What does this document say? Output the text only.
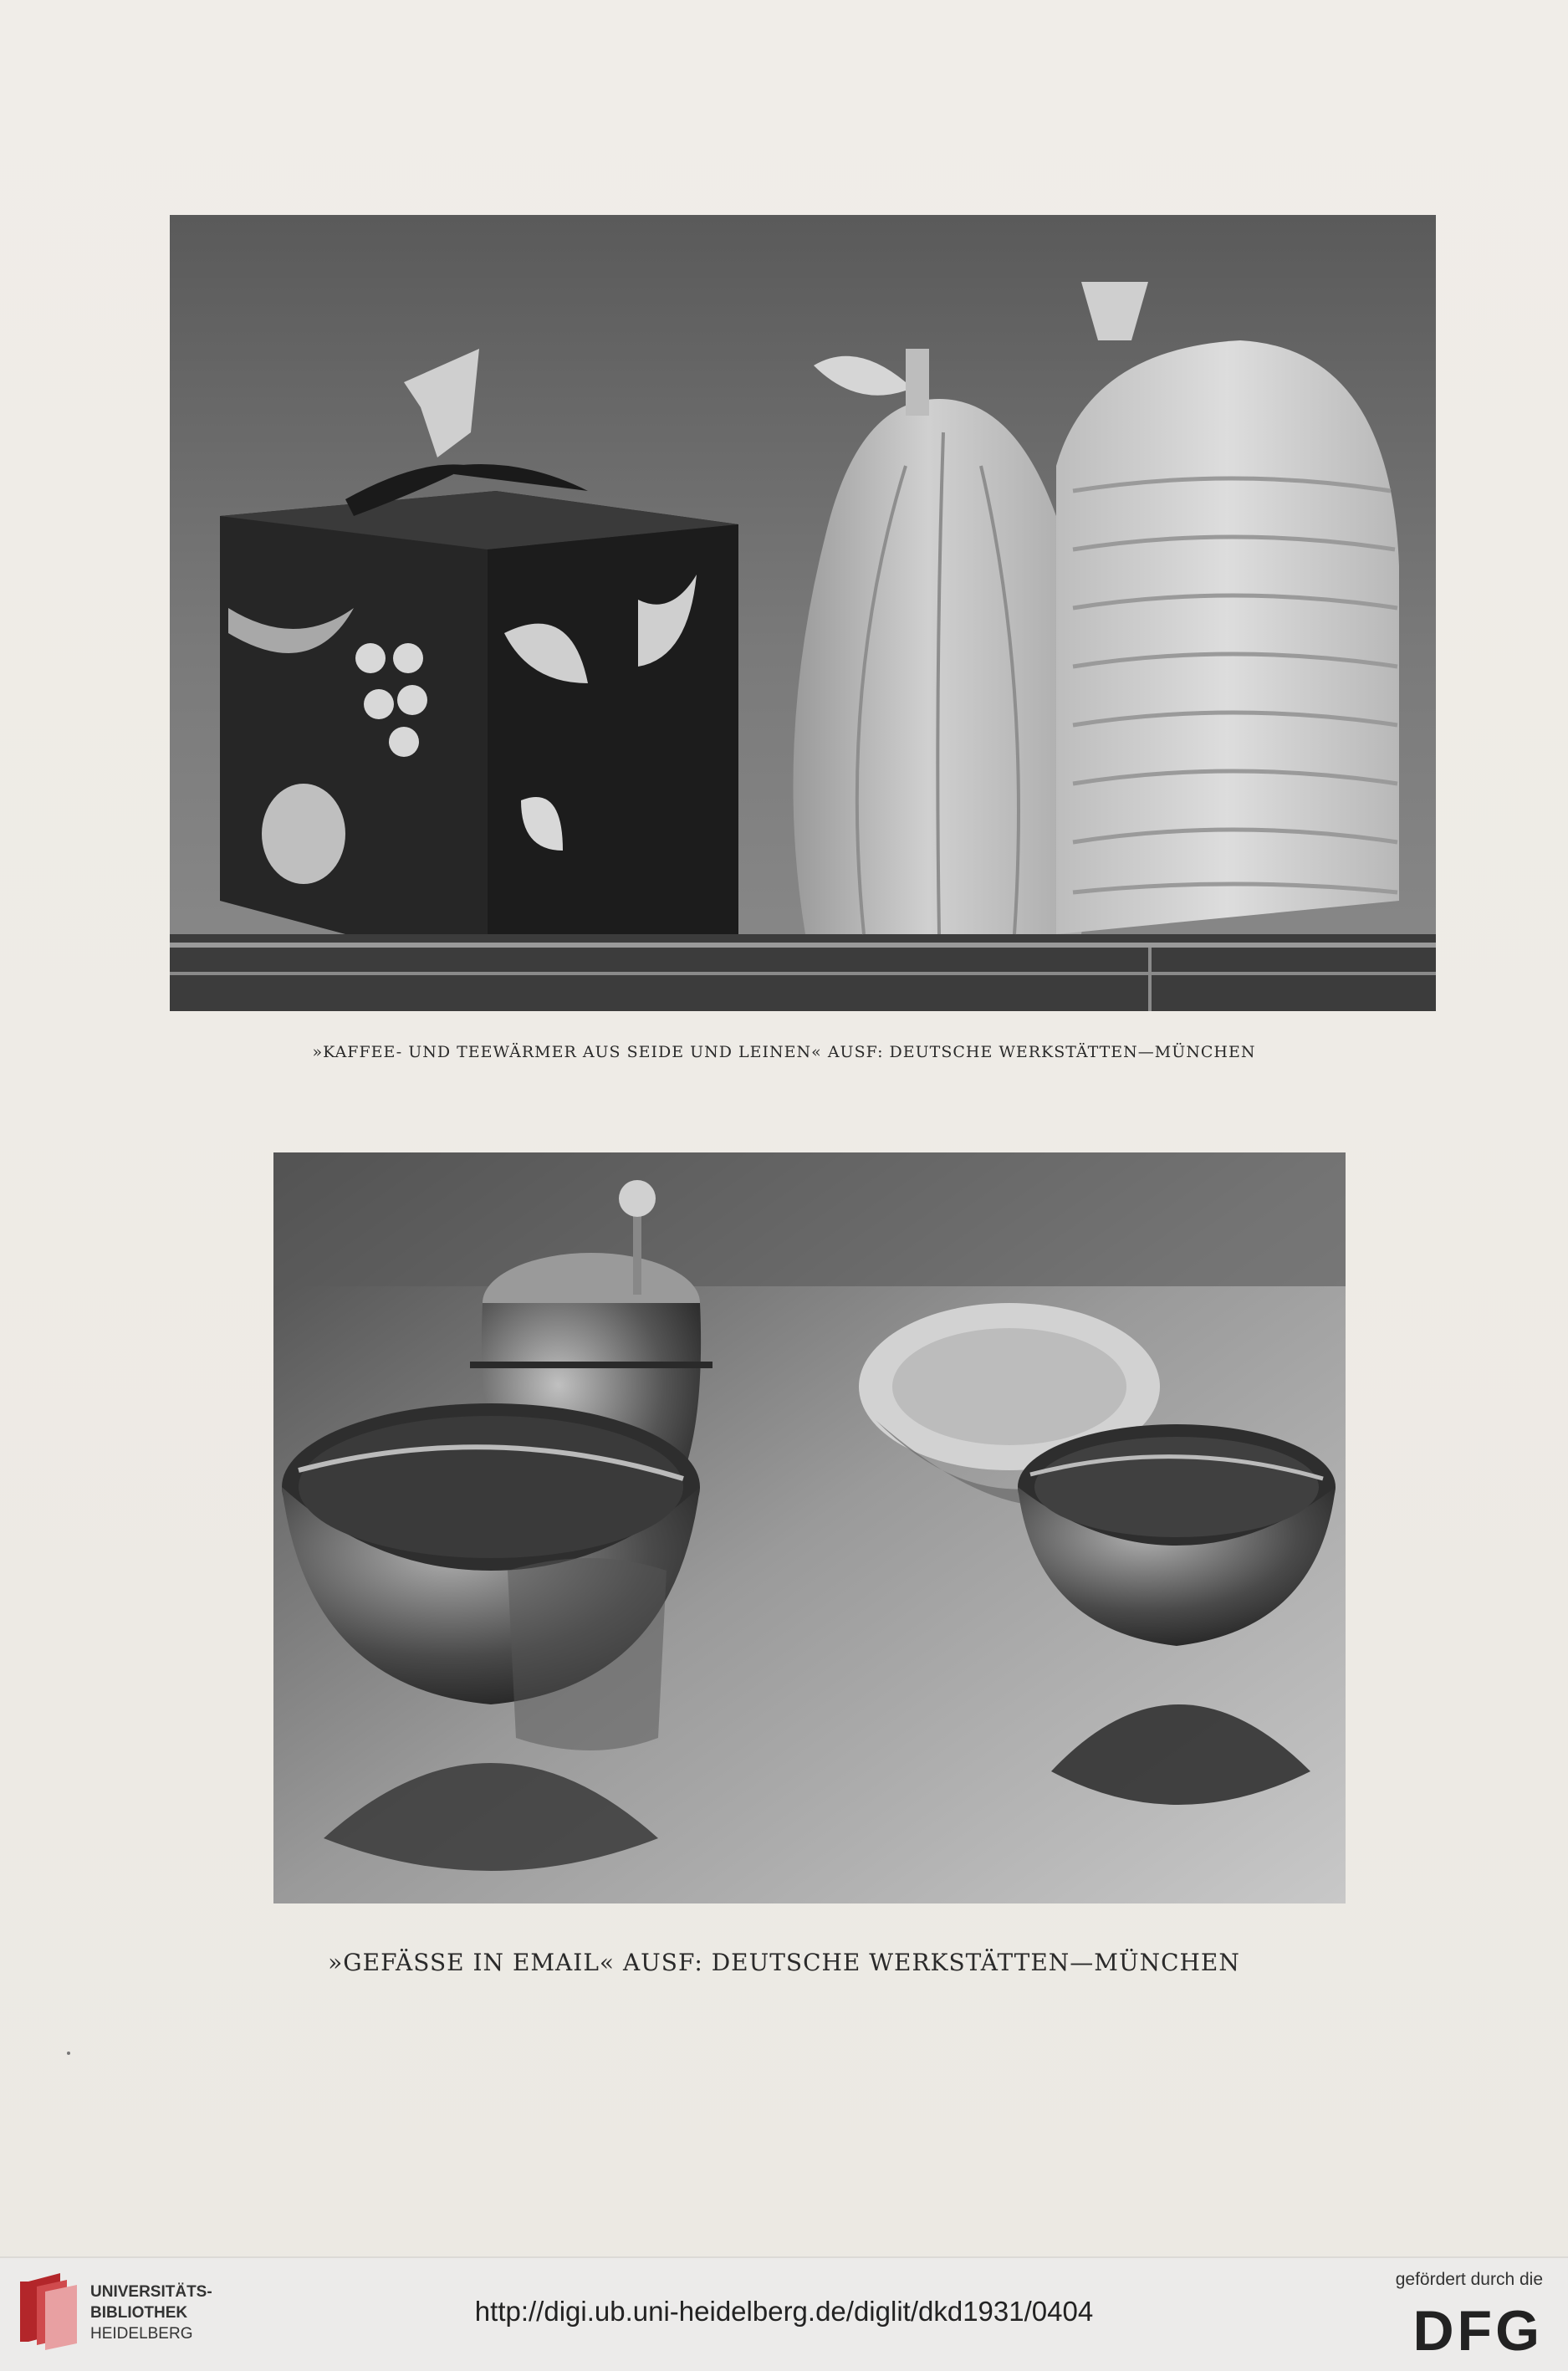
»KAFFEE- UND TEEWÄRMER AUS SEIDE UND LEINEN« AUSF: DEUTSCHE WERKSTÄTTEN—MÜNCHEN
»GEFÄSSE IN EMAIL« AUSF: DEUTSCHE WERKSTÄTTEN—MÜNCHEN
UNIVERSITÄTS-
BIBLIOTHEK
HEIDELBERG
http://digi.ub.uni-heidelberg.de/diglit/dkd1931/0404
gefördert durch die
DFG
